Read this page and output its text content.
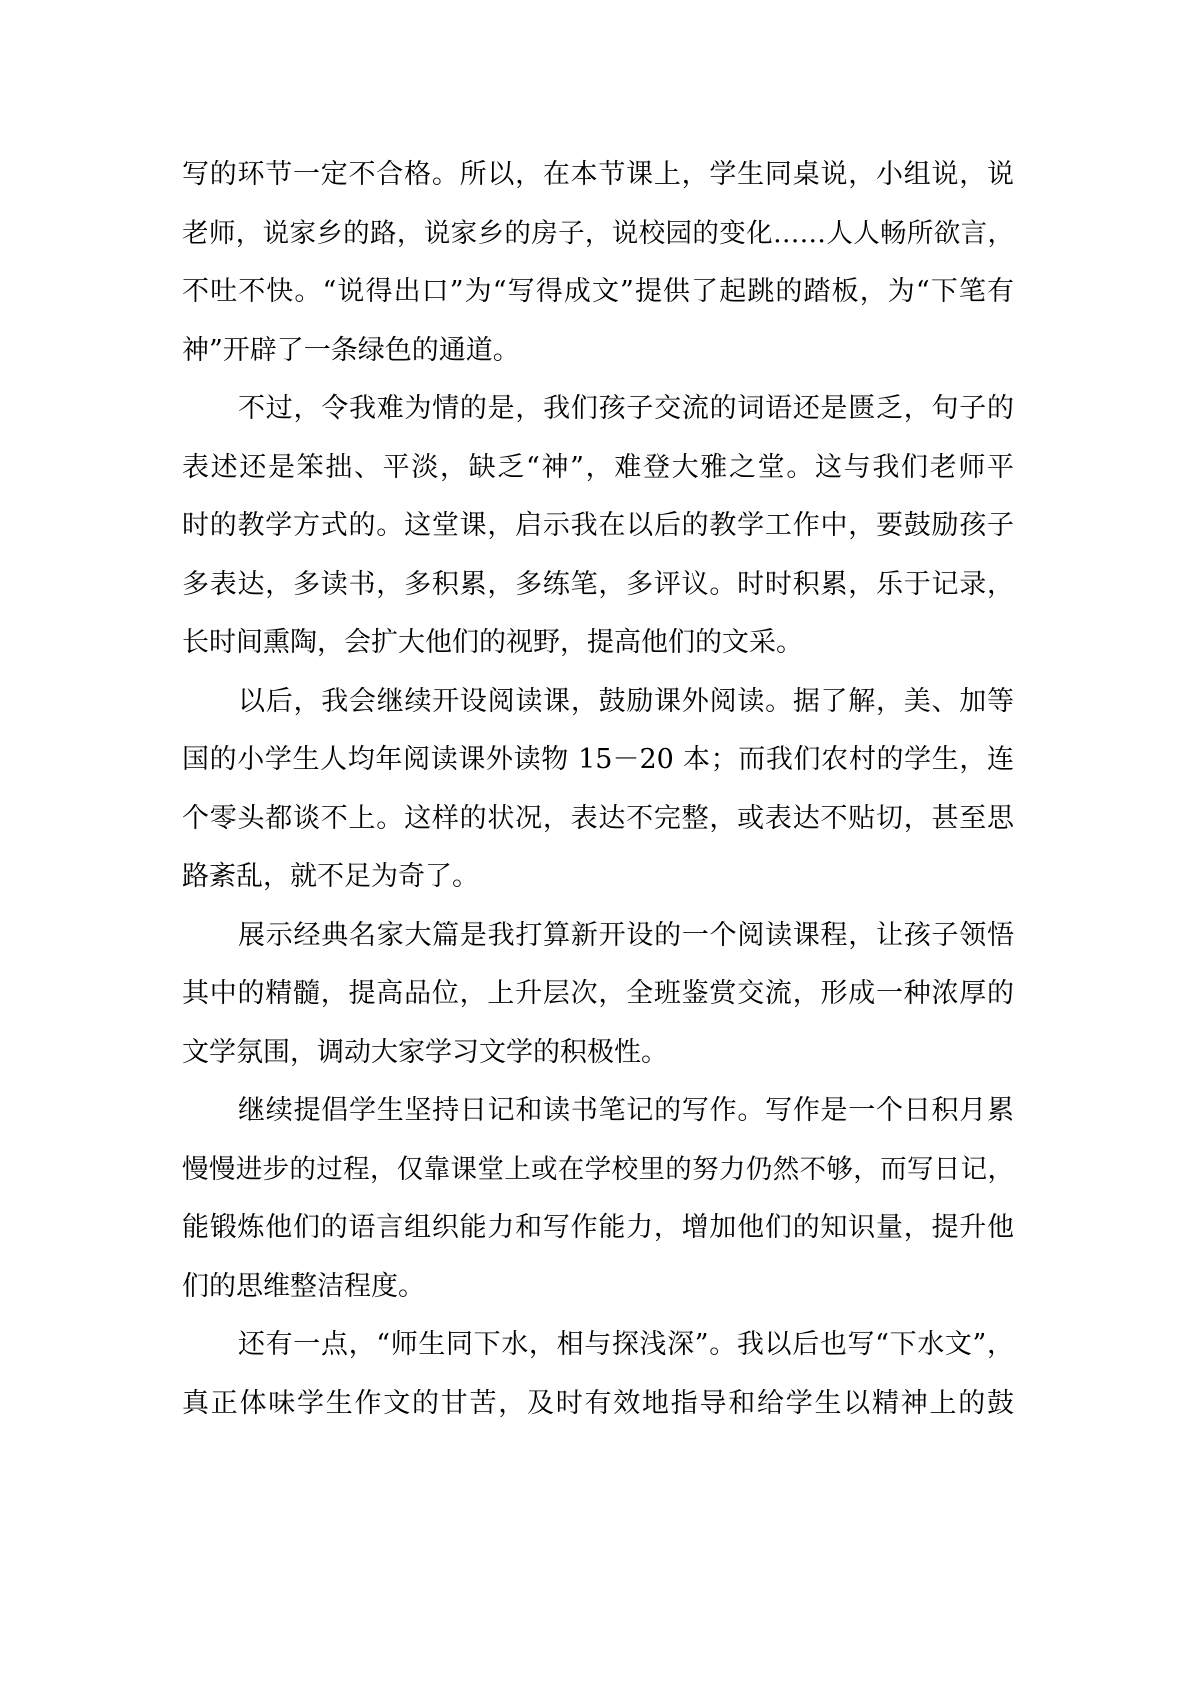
写的环节一定不合格。所以，在本节课上，学生同桌说，小组说，说
老师，说家乡的路，说家乡的房子，说校园的变化……人人畅所欲言，
不吐不快。“说得出口”为“写得成文”提供了起跳的踏板，为“下笔有
神”开辟了一条绿色的通道。
不过，令我难为情的是，我们孩子交流的词语还是匮乏，句子的
表述还是笨拙、平淡，缺乏“神”，难登大雅之堂。这与我们老师平
时的教学方式的。这堂课，启示我在以后的教学工作中，要鼓励孩子
多表达，多读书，多积累，多练笔，多评议。时时积累，乐于记录，
长时间熏陶，会扩大他们的视野，提高他们的文采。
以后，我会继续开设阅读课，鼓励课外阅读。据了解，美、加等
国的小学生人均年阅读课外读物 15－20 本；而我们农村的学生，连
个零头都谈不上。这样的状况，表达不完整，或表达不贴切，甚至思
路紊乱，就不足为奇了。
展示经典名家大篇是我打算新开设的一个阅读课程，让孩子领悟
其中的精髓，提高品位，上升层次，全班鉴赏交流，形成一种浓厚的
文学氛围，调动大家学习文学的积极性。
继续提倡学生坚持日记和读书笔记的写作。写作是一个日积月累
慢慢进步的过程，仅靠课堂上或在学校里的努力仍然不够，而写日记，
能锻炼他们的语言组织能力和写作能力，增加他们的知识量，提升他
们的思维整洁程度。
还有一点，“师生同下水，相与探浅深”。我以后也写“下水文”，
真正体味学生作文的甘苦，及时有效地指导和给学生以精神上的鼓
